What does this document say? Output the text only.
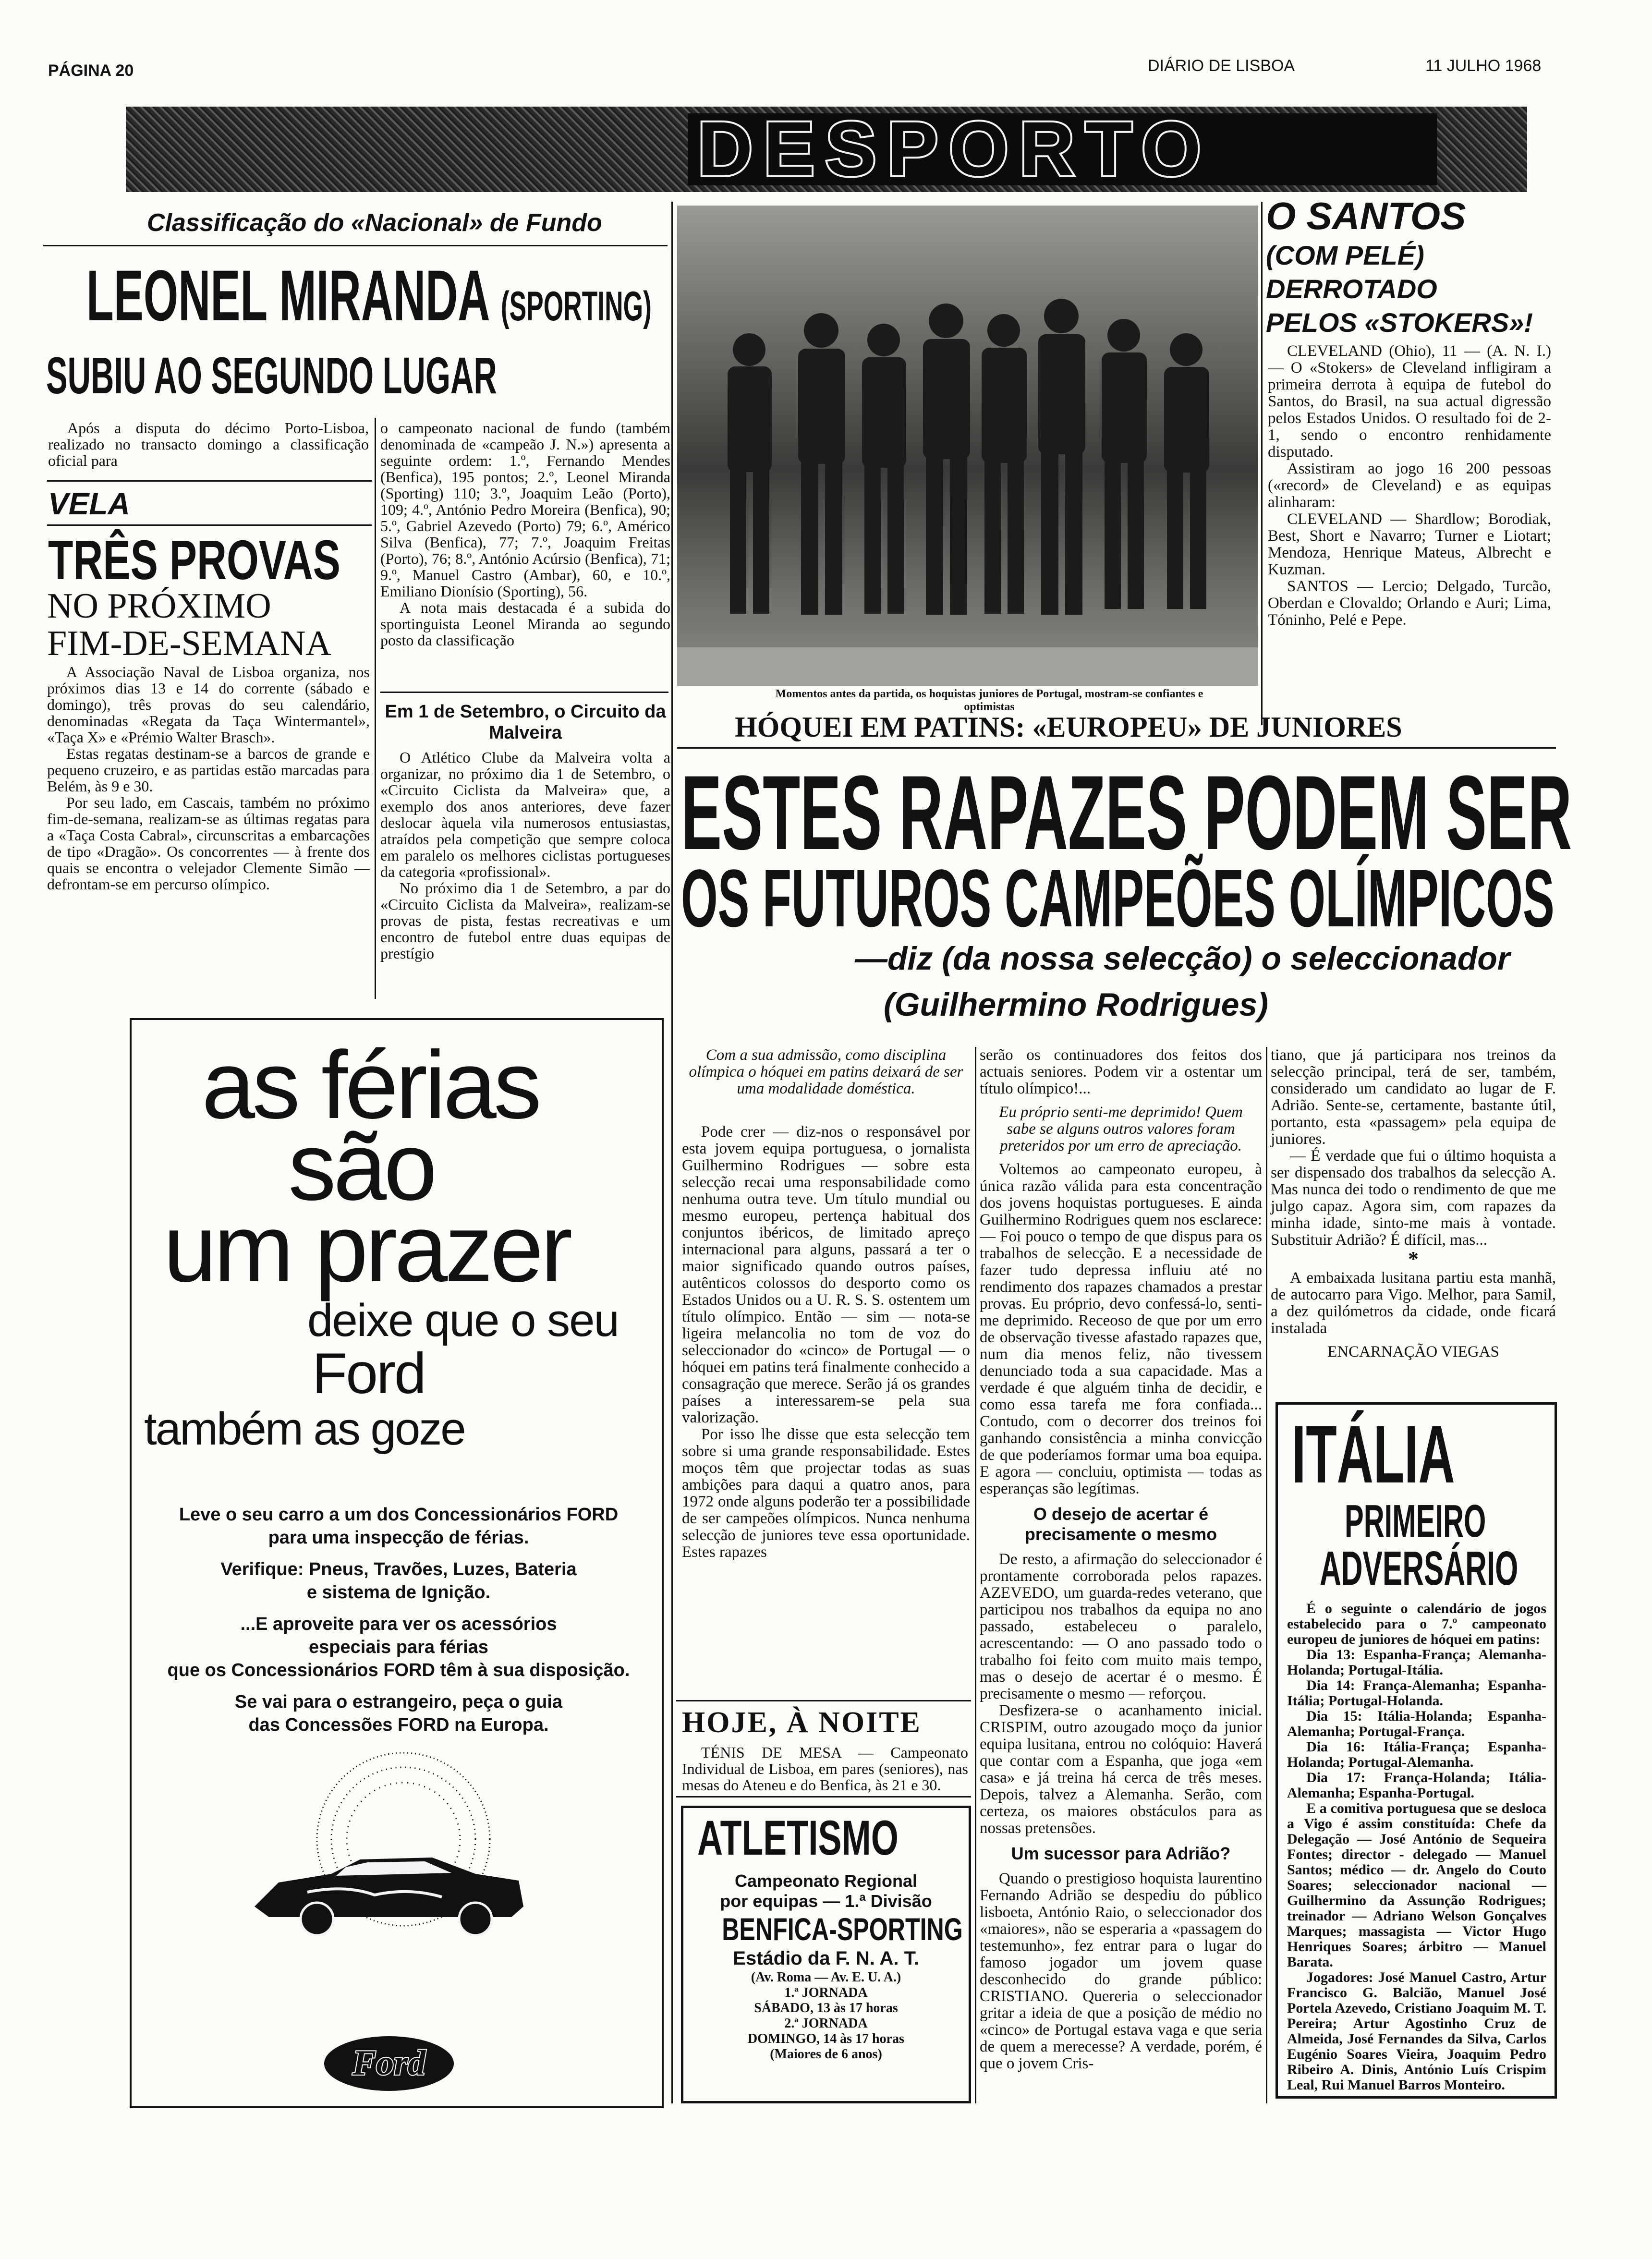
PÁGINA 20	DIÁRIO DE LISBOA	11 JULHO 1968
DESPORTO
Classificação do «Nacional» de Fundo
LEONEL MIRANDA (SPORTING)
SUBIU AO SEGUNDO LUGAR

Após a disputa do décimo Porto-Lisboa, realizado no transacto domingo a classificação oficial para

o campeonato nacional de fundo (também denominada de «campeão J. N.») apresenta a seguinte ordem: 1.º, Fernando Mendes (Benfica), 195 pontos; 2.º, Leonel Miranda (Sporting) 110; 3.º, Joaquim Leão (Porto), 109; 4.º, António Pedro Moreira (Benfica), 90; 5.º, Gabriel Azevedo (Porto) 79; 6.º, Américo Silva (Benfica), 77; 7.º, Joaquim Freitas (Porto), 76; 8.º, António Acúrsio (Benfica), 71; 9.º, Manuel Castro (Ambar), 60, e 10.º, Emiliano Dionísio (Sporting), 56.

A nota mais destacada é a subida do sportinguista Leonel Miranda ao segundo posto da classificação

VELA
TRÊS PROVAS
NO PRÓXIMO
FIM-DE-SEMANA

A Associação Naval de Lisboa organiza, nos próximos dias 13 e 14 do corrente (sábado e domingo), três provas do seu calendário, denominadas «Regata da Taça Wintermantel», «Taça X» e «Prémio Walter Brasch».

Estas regatas destinam-se a barcos de grande e pequeno cruzeiro, e as partidas estão marcadas para Belém, às 9 e 30.

Por seu lado, em Cascais, também no próximo fim-de-semana, realizam-se as últimas regatas para a «Taça Costa Cabral», circunscritas a embarcações de tipo «Dragão». Os concorrentes — à frente dos quais se encontra o velejador Clemente Simão — defrontam-se em percurso olímpico.

Em 1 de Setembro, o Circuito da Malveira

O Atlético Clube da Malveira volta a organizar, no próximo dia 1 de Setembro, o «Circuito Ciclista da Malveira» que, a exemplo dos anos anteriores, deve fazer deslocar àquela vila numerosos entusiastas, atraídos pela competição que sempre coloca em paralelo os melhores ciclistas portugueses da categoria «profissional».

No próximo dia 1 de Setembro, a par do «Circuito Ciclista da Malveira», realizam-se provas de pista, festas recreativas e um encontro de futebol entre duas equipas de prestígio

Momentos antes da partida, os hoquistas juniores de Portugal, mostram-se confiantes e optimistas
O SANTOS
(COM PELÉ)
DERROTADO
PELOS «STOKERS»!

CLEVELAND (Ohio), 11 — (A. N. I.) — O «Stokers» de Cleveland infligiram a primeira derrota à equipa de futebol do Santos, do Brasil, na sua actual digressão pelos Estados Unidos. O resultado foi de 2-1, sendo o encontro renhidamente disputado.

Assistiram ao jogo 16 200 pessoas («record» de Cleveland) e as equipas alinharam:

CLEVELAND — Shardlow; Borodiak, Best, Short e Navarro; Turner e Liotart; Mendoza, Henrique Mateus, Albrecht e Kuzman.

SANTOS — Lercio; Delgado, Turcão, Oberdan e Clovaldo; Orlando e Auri; Lima, Tóninho, Pelé e Pepe.

HÓQUEI EM PATINS: «EUROPEU» DE JUNIORES
ESTES RAPAZES PODEM SER
OS FUTUROS CAMPEÕES OLÍMPICOS
—diz (da nossa selecção) o seleccionador
(Guilhermino Rodrigues)
Com a sua admissão, como disciplina olímpica o hóquei em patins deixará de ser uma modalidade doméstica.

Pode crer — diz-nos o responsável por esta jovem equipa portuguesa, o jornalista Guilhermino Rodrigues — sobre esta selecção recai uma responsabilidade como nenhuma outra teve. Um título mundial ou mesmo europeu, pertença habitual dos conjuntos ibéricos, de limitado apreço internacional para alguns, passará a ter o maior significado quando outros países, autênticos colossos do desporto como os Estados Unidos ou a U. R. S. S. ostentem um título olímpico. Então — sim — nota-se ligeira melancolia no tom de voz do seleccionador do «cinco» de Portugal — o hóquei em patins terá finalmente conhecido a consagração que merece. Serão já os grandes países a interessarem-se pela sua valorização.

Por isso lhe disse que esta selecção tem sobre si uma grande responsabilidade. Estes moços têm que projectar todas as suas ambições para daqui a quatro anos, para 1972 onde alguns poderão ter a possibilidade de ser campeões olímpicos. Nunca nenhuma selecção de juniores teve essa oportunidade. Estes rapazes

serão os continuadores dos feitos dos actuais seniores. Podem vir a ostentar um título olímpico!...

Eu próprio senti-me deprimido! Quem sabe se alguns outros valores foram preteridos por um erro de apreciação.

Voltemos ao campeonato europeu, à única razão válida para esta concentração dos jovens hoquistas portugueses. E ainda Guilhermino Rodrigues quem nos esclarece: — Foi pouco o tempo de que dispus para os trabalhos de selecção. E a necessidade de fazer tudo depressa influiu até no rendimento dos rapazes chamados a prestar provas. Eu próprio, devo confessá-lo, senti-me deprimido. Receoso de que por um erro de observação tivesse afastado rapazes que, num dia menos feliz, não tivessem denunciado toda a sua capacidade. Mas a verdade é que alguém tinha de decidir, e como essa tarefa me fora confiada... Contudo, com o decorrer dos treinos foi ganhando consistência a minha convicção de que poderíamos formar uma boa equipa. E agora — concluiu, optimista — todas as esperanças são legítimas.

O desejo de acertar é precisamente o mesmo

De resto, a afirmação do seleccionador é prontamente corroborada pelos rapazes. AZEVEDO, um guarda-redes veterano, que participou nos trabalhos da equipa no ano passado, estabeleceu o paralelo, acrescentando: — O ano passado todo o trabalho foi feito com muito mais tempo, mas o desejo de acertar é o mesmo. É precisamente o mesmo — reforçou.

Desfizera-se o acanhamento inicial. CRISPIM, outro azougado moço da junior equipa lusitana, entrou no colóquio: Haverá que contar com a Espanha, que joga «em casa» e já treina há cerca de três meses. Depois, talvez a Alemanha. Serão, com certeza, os maiores obstáculos para as nossas pretensões.

Um sucessor para Adrião?

Quando o prestigioso hoquista laurentino Fernando Adrião se despediu do público lisboeta, António Raio, o seleccionador dos «maiores», não se esperaria a «passagem do testemunho», fez entrar para o lugar do famoso jogador um jovem quase desconhecido do grande público: CRISTIANO. Quereria o seleccionador gritar a ideia de que a posição de médio no «cinco» de Portugal estava vaga e que seria de quem a merecesse? A verdade, porém, é que o jovem Cris-

tiano, que já participara nos treinos da selecção principal, terá de ser, também, considerado um candidato ao lugar de F. Adrião. Sente-se, certamente, bastante útil, portanto, esta «passagem» pela equipa de juniores.

— É verdade que fui o último hoquista a ser dispensado dos trabalhos da selecção A. Mas nunca dei todo o rendimento de que me julgo capaz. Agora sim, com rapazes da minha idade, sinto-me mais à vontade. Substituir Adrião? É difícil, mas...

*

A embaixada lusitana partiu esta manhã, de autocarro para Vigo. Melhor, para Samil, a dez quilómetros da cidade, onde ficará instalada

ENCARNAÇÃO VIEGAS

ITÁLIA
PRIMEIRO
ADVERSÁRIO

É o seguinte o calendário de jogos estabelecido para o 7.º campeonato europeu de juniores de hóquei em patins:

Dia 13: Espanha-França; Alemanha-Holanda; Portugal-Itália.

Dia 14: França-Alemanha; Espanha-Itália; Portugal-Holanda.

Dia 15: Itália-Holanda; Espanha-Alemanha; Portugal-França.

Dia 16: Itália-França; Espanha-Holanda; Portugal-Alemanha.

Dia 17: França-Holanda; Itália-Alemanha; Espanha-Portugal.

E a comitiva portuguesa que se desloca a Vigo é assim constituída: Chefe da Delegação — José António de Sequeira Fontes; director - delegado — Manuel Santos; médico — dr. Angelo do Couto Soares; seleccionador nacional — Guilhermino da Assunção Rodrigues; treinador — Adriano Welson Gonçalves Marques; massagista — Victor Hugo Henriques Soares; árbitro — Manuel Barata.

Jogadores: José Manuel Castro, Artur Francisco G. Balcião, Manuel José Portela Azevedo, Cristiano Joaquim M. T. Pereira; Artur Agostinho Cruz de Almeida, José Fernandes da Silva, Carlos Eugénio Soares Vieira, Joaquim Pedro Ribeiro A. Dinis, António Luís Crispim Leal, Rui Manuel Barros Monteiro.

HOJE, À NOITE

TÉNIS DE MESA — Campeonato Individual de Lisboa, em pares (seniores), nas mesas do Ateneu e do Benfica, às 21 e 30.

ATLETISMO
Campeonato Regional
por equipas — 1.ª Divisão
BENFICA-SPORTING
Estádio da F. N. A. T.
(Av. Roma — Av. E. U. A.)
1.ª JORNADA
SÁBADO, 13 às 17 horas
2.ª JORNADA
DOMINGO, 14 às 17 horas
(Maiores de 6 anos)
as férias
são
um prazer
deixe que o seu
Ford
também as goze
Leve o seu carro a um dos Concessionários FORD
para uma inspecção de férias.
Verifique: Pneus, Travões, Luzes, Bateria
e sistema de Ignição.
...E aproveite para ver os acessórios
especiais para férias
que os Concessionários FORD têm à sua disposição.
Se vai para o estrangeiro, peça o guia
das Concessões FORD na Europa.
Ford
